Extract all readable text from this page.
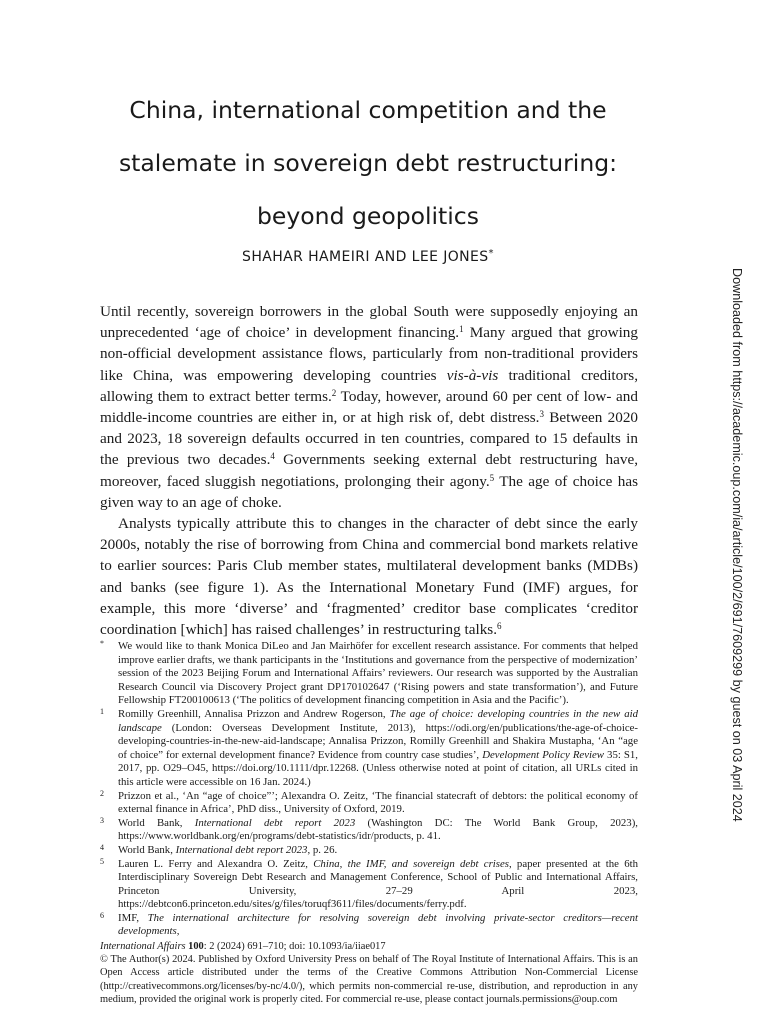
China, international competition and the
stalemate in sovereign debt restructuring:
beyond geopolitics
SHAHAR HAMEIRI AND LEE JONES*

Until recently, sovereign borrowers in the global South were supposedly enjoying an unprecedented ‘age of choice’ in development financing.$^1$ Many argued that growing non-official development assistance flows, particularly from non-traditional providers like China, was empowering developing countries vis-à-vis traditional creditors, allowing them to extract better terms.$^2$ Today, however, around 60 per cent of low- and middle-income countries are either in, or at high risk of, debt distress.$^3$ Between 2020 and 2023, 18 sovereign defaults occurred in ten countries, compared to 15 defaults in the previous two decades.$^4$ Governments seeking external debt restructuring have, moreover, faced sluggish negotiations, prolonging their agony.$^5$ The age of choice has given way to an age of choke.

Analysts typically attribute this to changes in the character of debt since the early 2000s, notably the rise of borrowing from China and commercial bond markets relative to earlier sources: Paris Club member states, multilateral development banks (MDBs) and banks (see figure 1). As the International Monetary Fund (IMF) argues, for example, this more ‘diverse’ and ‘fragmented’ creditor base complicates ‘creditor coordination [which] has raised challenges’ in restructuring talks.$^6$

* We would like to thank Monica DiLeo and Jan Mairhöfer for excellent research assistance. For comments that helped improve earlier drafts, we thank participants in the ‘Institutions and governance from the perspective of modernization’ session of the 2023 Beijing Forum and International Affairs’ reviewers. Our research was supported by the Australian Research Council via Discovery Project grant DP170102647 (‘Rising powers and state transformation’), and Future Fellowship FT200100613 (‘The politics of development financing competition in Asia and the Pacific’).
1 Romilly Greenhill, Annalisa Prizzon and Andrew Rogerson, The age of choice: developing countries in the new aid landscape (London: Overseas Development Institute, 2013), https://odi.org/en/publications/the-age-of-choice-developing-countries-in-the-new-aid-landscape; Annalisa Prizzon, Romilly Greenhill and Shakira Mustapha, ‘An “age of choice” for external development finance? Evidence from country case studies’, Development Policy Review 35: S1, 2017, pp. O29–O45, https://doi.org/10.1111/dpr.12268. (Unless otherwise noted at point of citation, all URLs cited in this article were accessible on 16 Jan. 2024.)
2 Prizzon et al., ‘An “age of choice”’; Alexandra O. Zeitz, ‘The financial statecraft of debtors: the political economy of external finance in Africa’, PhD diss., University of Oxford, 2019.
3 World Bank, International debt report 2023 (Washington DC: The World Bank Group, 2023), https://www.worldbank.org/en/programs/debt-statistics/idr/products, p. 41.
4 World Bank, International debt report 2023, p. 26.
5 Lauren L. Ferry and Alexandra O. Zeitz, China, the IMF, and sovereign debt crises, paper presented at the 6th Interdisciplinary Sovereign Debt Research and Management Conference, School of Public and International Affairs, Princeton University, 27–29 April 2023, https://debtcon6.princeton.edu/sites/g/files/toruqf3611/files/documents/ferry.pdf.
6 IMF, The international architecture for resolving sovereign debt involving private-sector creditors—recent developments,

International Affairs 100: 2 (2024) 691–710; doi: 10.1093/ia/iiae017

© The Author(s) 2024. Published by Oxford University Press on behalf of The Royal Institute of International Affairs. This is an Open Access article distributed under the terms of the Creative Commons Attribution Non-Commercial License (http://creativecommons.org/licenses/by-nc/4.0/), which permits non-commercial re-use, distribution, and reproduction in any medium, provided the original work is properly cited. For commercial re-use, please contact journals.permissions@oup.com

Downloaded from https://academic.oup.com/ia/article/100/2/691/7609299 by guest on 03 April 2024
